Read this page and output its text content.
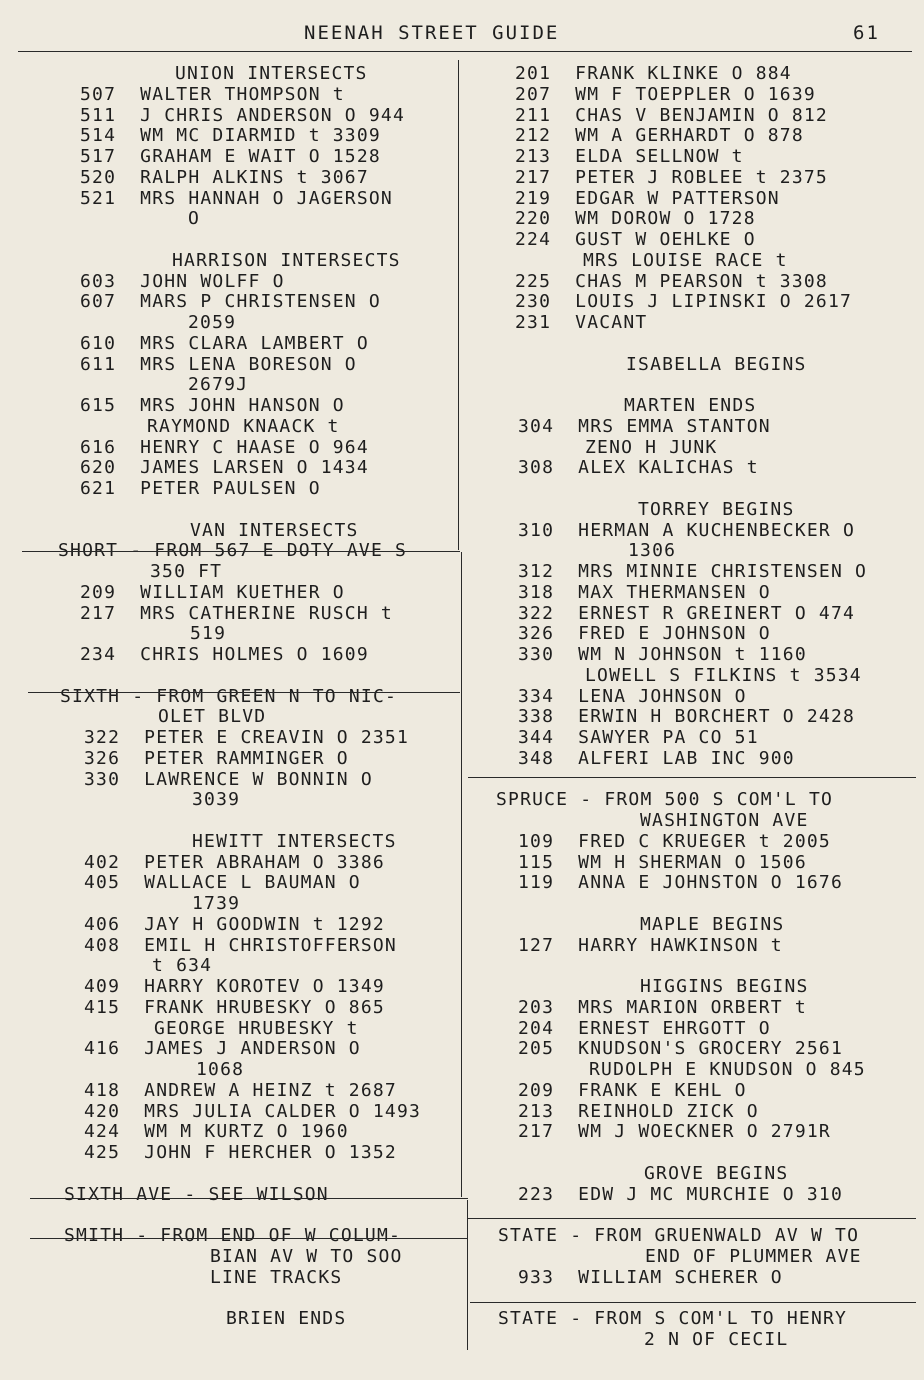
NEENAH STREET GUIDE	61
UNION INTERSECTS
507  WALTER THOMPSON t
511  J CHRIS ANDERSON O 944
514  WM MC DIARMID t 3309
517  GRAHAM E WAIT O 1528
520  RALPH ALKINS t 3067
521  MRS HANNAH O JAGERSON
O
HARRISON INTERSECTS
603  JOHN WOLFF O
607  MARS P CHRISTENSEN O
2059
610  MRS CLARA LAMBERT O
611  MRS LENA BORESON O
2679J
615  MRS JOHN HANSON O
RAYMOND KNAACK t
616  HENRY C HAASE O 964
620  JAMES LARSEN O 1434
621  PETER PAULSEN O
VAN INTERSECTS
SHORT - FROM 567 E DOTY AVE S
350 FT
209  WILLIAM KUETHER O
217  MRS CATHERINE RUSCH t
519
234  CHRIS HOLMES O 1609
SIXTH - FROM GREEN N TO NIC-
OLET BLVD
322  PETER E CREAVIN O 2351
326  PETER RAMMINGER O
330  LAWRENCE W BONNIN O
3039
HEWITT INTERSECTS
402  PETER ABRAHAM O 3386
405  WALLACE L BAUMAN O
1739
406  JAY H GOODWIN t 1292
408  EMIL H CHRISTOFFERSON
t 634
409  HARRY KOROTEV O 1349
415  FRANK HRUBESKY O 865
GEORGE HRUBESKY t
416  JAMES J ANDERSON O
1068
418  ANDREW A HEINZ t 2687
420  MRS JULIA CALDER O 1493
424  WM M KURTZ O 1960
425  JOHN F HERCHER O 1352
SIXTH AVE - SEE WILSON
SMITH - FROM END OF W COLUM-
BIAN AV W TO SOO
LINE TRACKS
BRIEN ENDS
201  FRANK KLINKE O 884
207  WM F TOEPPLER O 1639
211  CHAS V BENJAMIN O 812
212  WM A GERHARDT O 878
213  ELDA SELLNOW t
217  PETER J ROBLEE t 2375
219  EDGAR W PATTERSON
220  WM DOROW O 1728
224  GUST W OEHLKE O
MRS LOUISE RACE t
225  CHAS M PEARSON t 3308
230  LOUIS J LIPINSKI O 2617
231  VACANT
ISABELLA BEGINS
MARTEN ENDS
304  MRS EMMA STANTON
ZENO H JUNK
308  ALEX KALICHAS t
TORREY BEGINS
310  HERMAN A KUCHENBECKER O
1306
312  MRS MINNIE CHRISTENSEN O
318  MAX THERMANSEN O
322  ERNEST R GREINERT O 474
326  FRED E JOHNSON O
330  WM N JOHNSON t 1160
LOWELL S FILKINS t 3534
334  LENA JOHNSON O
338  ERWIN H BORCHERT O 2428
344  SAWYER PA CO 51
348  ALFERI LAB INC 900
SPRUCE - FROM 500 S COM'L TO
WASHINGTON AVE
109  FRED C KRUEGER t 2005
115  WM H SHERMAN O 1506
119  ANNA E JOHNSTON O 1676
MAPLE BEGINS
127  HARRY HAWKINSON t
HIGGINS BEGINS
203  MRS MARION ORBERT t
204  ERNEST EHRGOTT O
205  KNUDSON'S GROCERY 2561
RUDOLPH E KNUDSON O 845
209  FRANK E KEHL O
213  REINHOLD ZICK O
217  WM J WOECKNER O 2791R
GROVE BEGINS
223  EDW J MC MURCHIE O 310
STATE - FROM GRUENWALD AV W TO
END OF PLUMMER AVE
933  WILLIAM SCHERER O
STATE - FROM S COM'L TO HENRY
2 N OF CECIL
